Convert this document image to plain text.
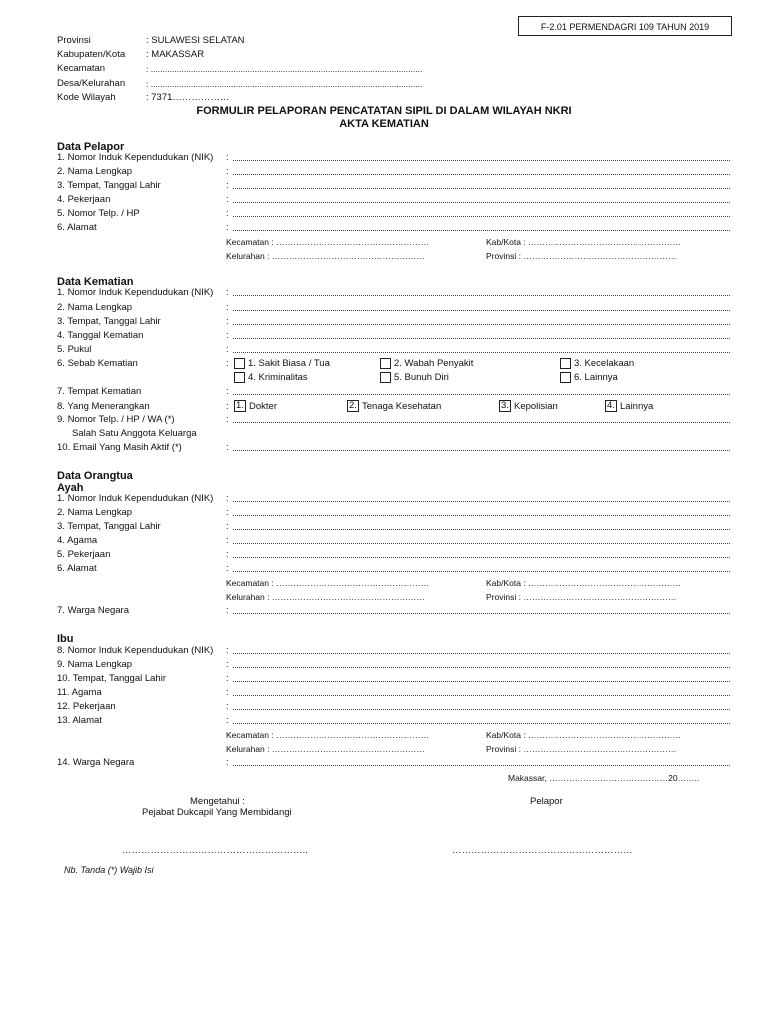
F-2.01 PERMENDAGRI 109 TAHUN 2019
Provinsi	: SULAWESI SELATAN
Kabupaten/Kota : MAKASSAR
Kecamatan	: ...................................................................................................................
Desa/Kelurahan : ...................................................................................................................
Kode Wilayah	: 7371………………
FORMULIR PELAPORAN PENCATATAN SIPIL DI DALAM WILAYAH NKRI
AKTA KEMATIAN
Data Pelapor
1. Nomor Induk Kependudukan (NIK) :
2. Nama Lengkap	:
3. Tempat, Tanggal Lahir	:
4. Pekerjaan	:
5. Nomor Telp. / HP	:
6. Alamat	:
Kecamatan : ………………………………………………	Kab/Kota : ………………………………………………
Kelurahan : ………………………………………………	Provinsi : ………………………………………………
Data Kematian
1. Nomor Induk Kependudukan (NIK) :
2. Nama Lengkap	:
3. Tempat, Tanggal Lahir	:
4. Tanggal Kematian	:
5. Pukul	:
6. Sebab Kematian	: 1. Sakit Biasa / Tua	2. Wabah Penyakit	3. Kecelakaan
4. Kriminalitas	5. Bunuh Diri	6. Lainnya
7. Tempat Kematian	:
8. Yang Menerangkan	: 1. Dokter	2. Tenaga Kesehatan	3. Kepolisian	4. Lainnya
9. Nomor Telp. / HP / WA (*)	:
Salah Satu Anggota Keluarga
10. Email Yang Masih Aktif (*)	:
Data Orangtua
Ayah
1. Nomor Induk Kependudukan (NIK) :
2. Nama Lengkap	:
3. Tempat, Tanggal Lahir	:
4. Agama	:
5. Pekerjaan	:
6. Alamat	:
Kecamatan : ………………………………………………	Kab/Kota : ………………………………………………
Kelurahan : ………………………………………………	Provinsi : ………………………………………………
7. Warga Negara	:
Ibu
8. Nomor Induk Kependudukan (NIK) :
9. Nama Lengkap	:
10. Tempat, Tanggal Lahir	:
11. Agama	:
12. Pekerjaan	:
13. Alamat	:
Kecamatan : ………………………………………………	Kab/Kota : ………………………………………………
Kelurahan : ………………………………………………	Provinsi : ………………………………………………
14. Warga Negara	:
Makassar, ……………………………………20……..
Mengetahui :
Pejabat Dukcapil Yang Membidangi
Pelapor
…………………………………………………..	…………………………………………………
Nb. Tanda (*) Wajib Isi
